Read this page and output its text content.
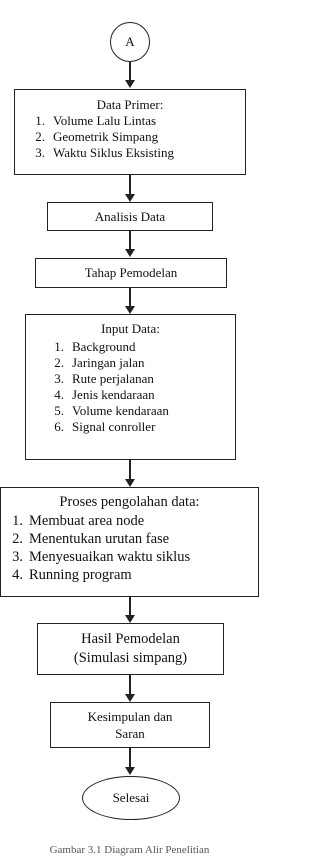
A
Data Primer:
1. Volume Lalu Lintas
2. Geometrik Simpang
3. Waktu Siklus Eksisting
Analisis Data
Tahap Pemodelan
Input Data:
1. Background
2. Jaringan jalan
3. Rute perjalanan
4. Jenis kendaraan
5. Volume kendaraan
6. Signal conroller
Proses pengolahan data:
1. Membuat area node
2. Menentukan urutan fase
3. Menyesuaikan waktu siklus
4. Running program
Hasil Pemodelan
(Simulasi simpang)
Kesimpulan dan
Saran
Selesai
Gambar 3.1 Diagram Alir Penelitian
